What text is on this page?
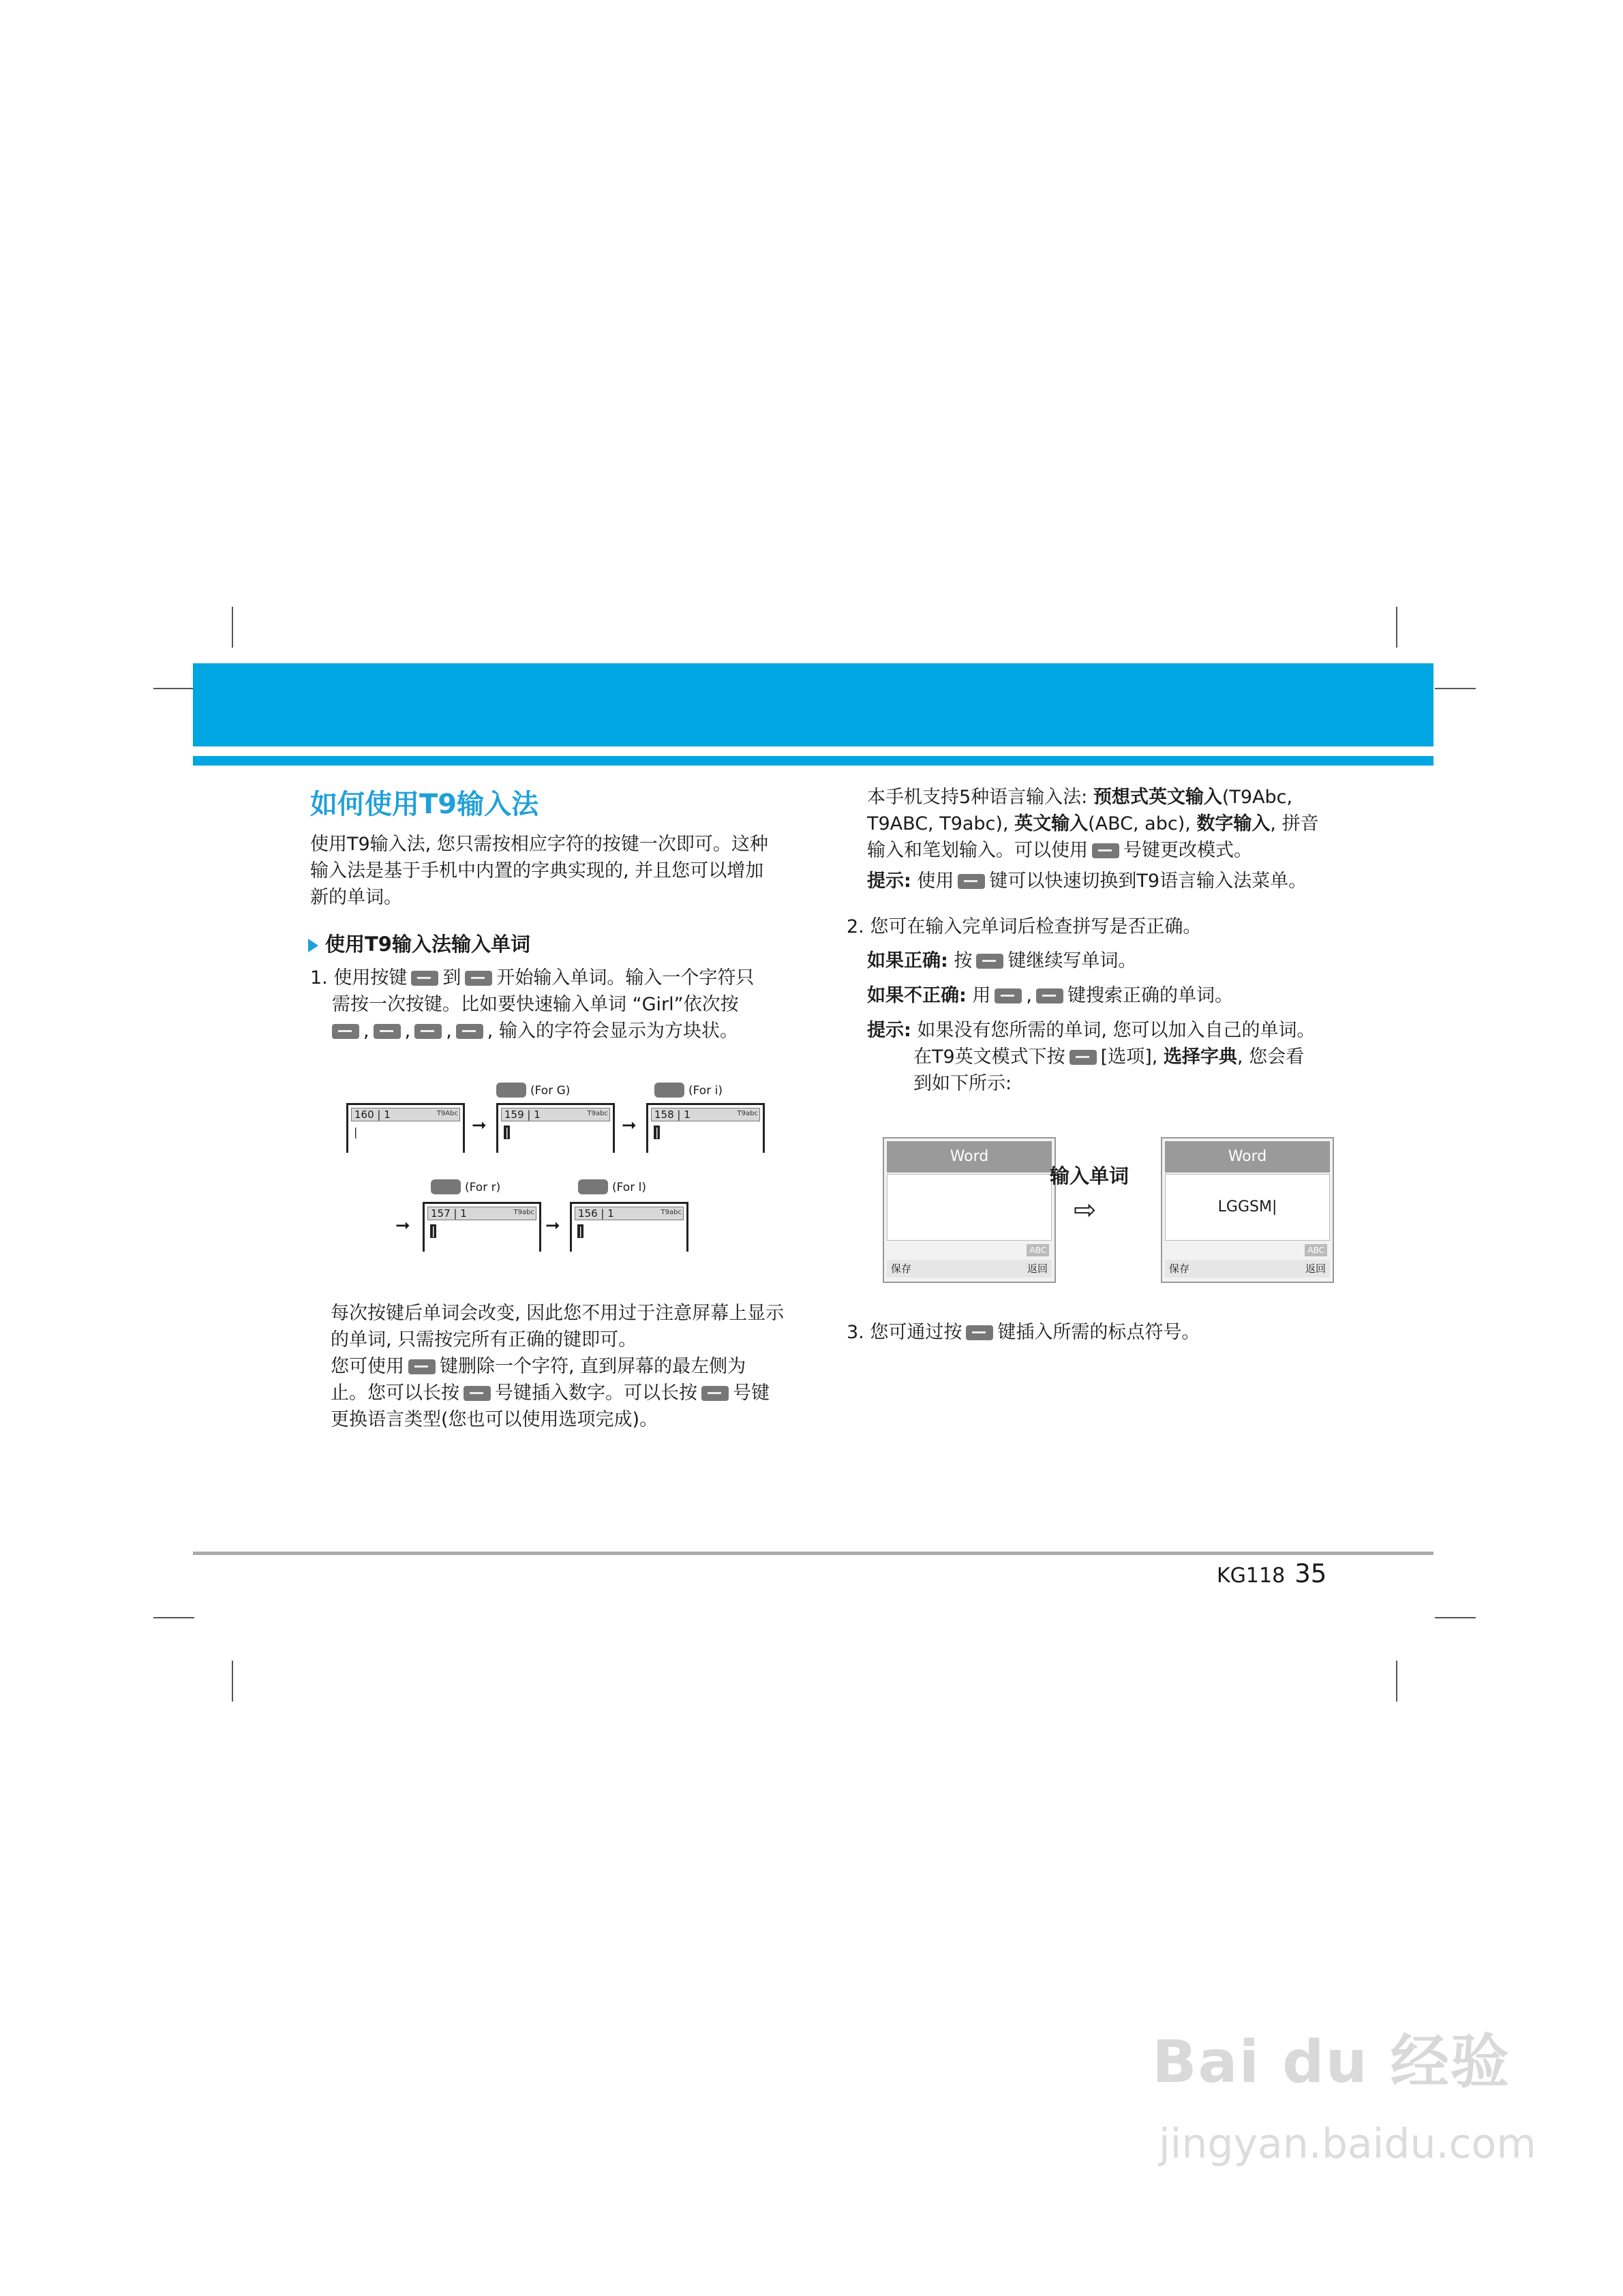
如何使用T9输入法
使用T9输入法, 您只需按相应字符的按键一次即可。这种
输入法是基于手机中内置的字典实现的, 并且您可以增加
新的单词。
使用T9输入法输入单词
1. 使用按键 到 开始输入单词。输入一个字符只
需按一次按键。比如要快速输入单词 “Girl”依次按
, , , , 输入的字符会显示为方块状。
160 | 1	T9Abc
|	➞
(For G)
159 | 1	T9abc
|	➞
(For i)
158 | 1	T9abc
|
➞
(For r)
157 | 1	T9abc
|	➞
(For l)
156 | 1	T9abc
|
每次按键后单词会改变, 因此您不用过于注意屏幕上显示
的单词, 只需按完所有正确的键即可。
您可使用 键删除一个字符, 直到屏幕的最左侧为
止。您可以长按 号键插入数字。可以长按 号键
更换语言类型(您也可以使用选项完成)。
本手机支持5种语言输入法: 预想式英文输入(T9Abc,
T9ABC, T9abc), 英文输入(ABC, abc), 数字输入, 拼音
输入和笔划输入。可以使用 号键更改模式。
提示: 使用 键可以快速切换到T9语言输入法菜单。
2. 您可在输入完单词后检查拼写是否正确。
如果正确: 按 键继续写单词。
如果不正确: 用 , 键搜索正确的单词。
提示: 如果没有您所需的单词, 您可以加入自己的单词。
在T9英文模式下按 [选项], 选择字典, 您会看
到如下所示:
Word
ABC
保存	返回
输入单词
⇨
Word
LGGSM|
ABC
保存	返回
3. 您可通过按 键插入所需的标点符号。
KG118 35
Bai du 经验
jingyan.baidu.com
